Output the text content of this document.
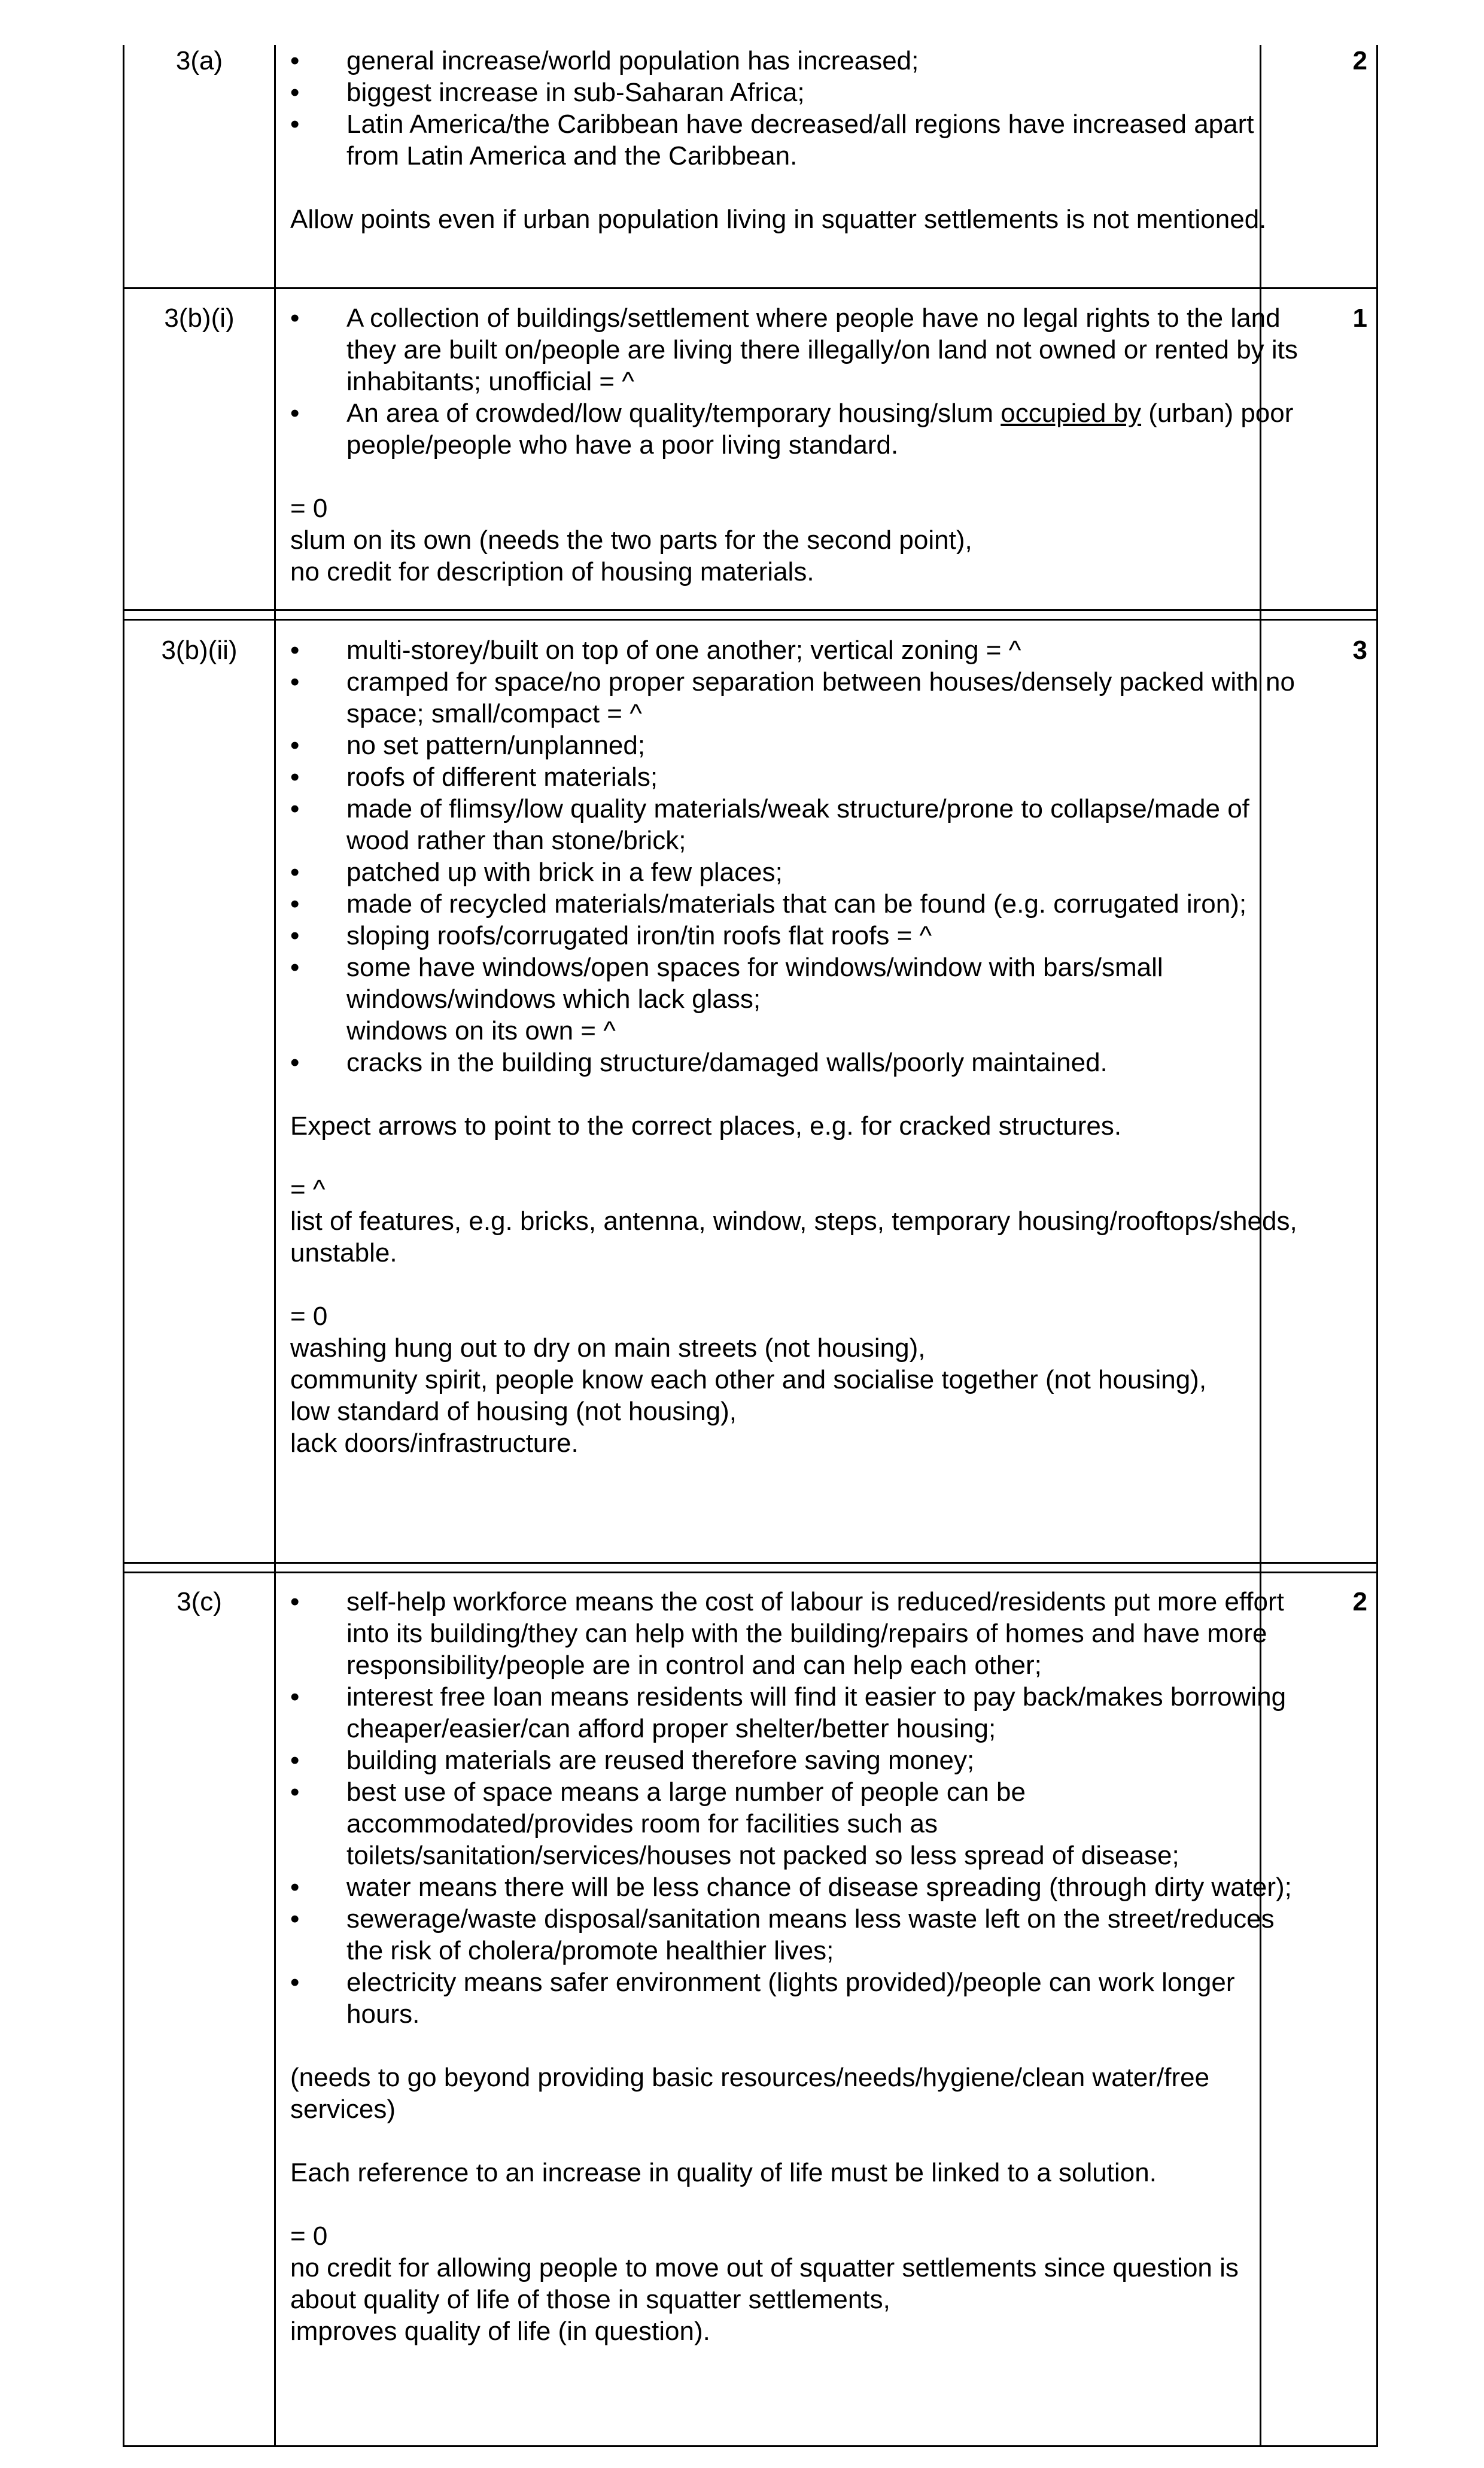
3(a)	• general increase/world population has increased;
• biggest increase in sub-Saharan Africa;
• Latin America/the Caribbean have decreased/all regions have increased apart from Latin America and the Caribbean.

Allow points even if urban population living in squatter settlements is not mentioned.

2
3(b)(i)	• A collection of buildings/settlement where people have no legal rights to the land they are built on/people are living there illegally/on land not owned or rented by its inhabitants; unofficial = ^
• An area of crowded/low quality/temporary housing/slum occupied by (urban) poor people/people who have a poor living standard.

= 0

slum on its own (needs the two parts for the second point),

no credit for description of housing materials.

1
3(b)(ii)	• multi-storey/built on top of one another; vertical zoning = ^
• cramped for space/no proper separation between houses/densely packed with no space; small/compact = ^
• no set pattern/unplanned;
• roofs of different materials;
• made of flimsy/low quality materials/weak structure/prone to collapse/made of wood rather than stone/brick;
• patched up with brick in a few places;
• made of recycled materials/materials that can be found (e.g. corrugated iron);
• sloping roofs/corrugated iron/tin roofs flat roofs = ^
• some have windows/open spaces for windows/window with bars/small windows/windows which lack glass;
windows on its own = ^
• cracks in the building structure/damaged walls/poorly maintained.

Expect arrows to point to the correct places, e.g. for cracked structures.

= ^

list of features, e.g. bricks, antenna, window, steps, temporary housing/rooftops/sheds, unstable.

= 0

washing hung out to dry on main streets (not housing),

community spirit, people know each other and socialise together (not housing),

low standard of housing (not housing),

lack doors/infrastructure.

3
3(c)	• self-help workforce means the cost of labour is reduced/residents put more effort into its building/they can help with the building/repairs of homes and have more responsibility/people are in control and can help each other;
• interest free loan means residents will find it easier to pay back/makes borrowing cheaper/easier/can afford proper shelter/better housing;
• building materials are reused therefore saving money;
• best use of space means a large number of people can be accommodated/provides room for facilities such as toilets/sanitation/services/houses not packed so less spread of disease;
• water means there will be less chance of disease spreading (through dirty water);
• sewerage/waste disposal/sanitation means less waste left on the street/reduces the risk of cholera/promote healthier lives;
• electricity means safer environment (lights provided)/people can work longer hours.

(needs to go beyond providing basic resources/needs/hygiene/clean water/free services)

Each reference to an increase in quality of life must be linked to a solution.

= 0

no credit for allowing people to move out of squatter settlements since question is about quality of life of those in squatter settlements,

improves quality of life (in question).

2
